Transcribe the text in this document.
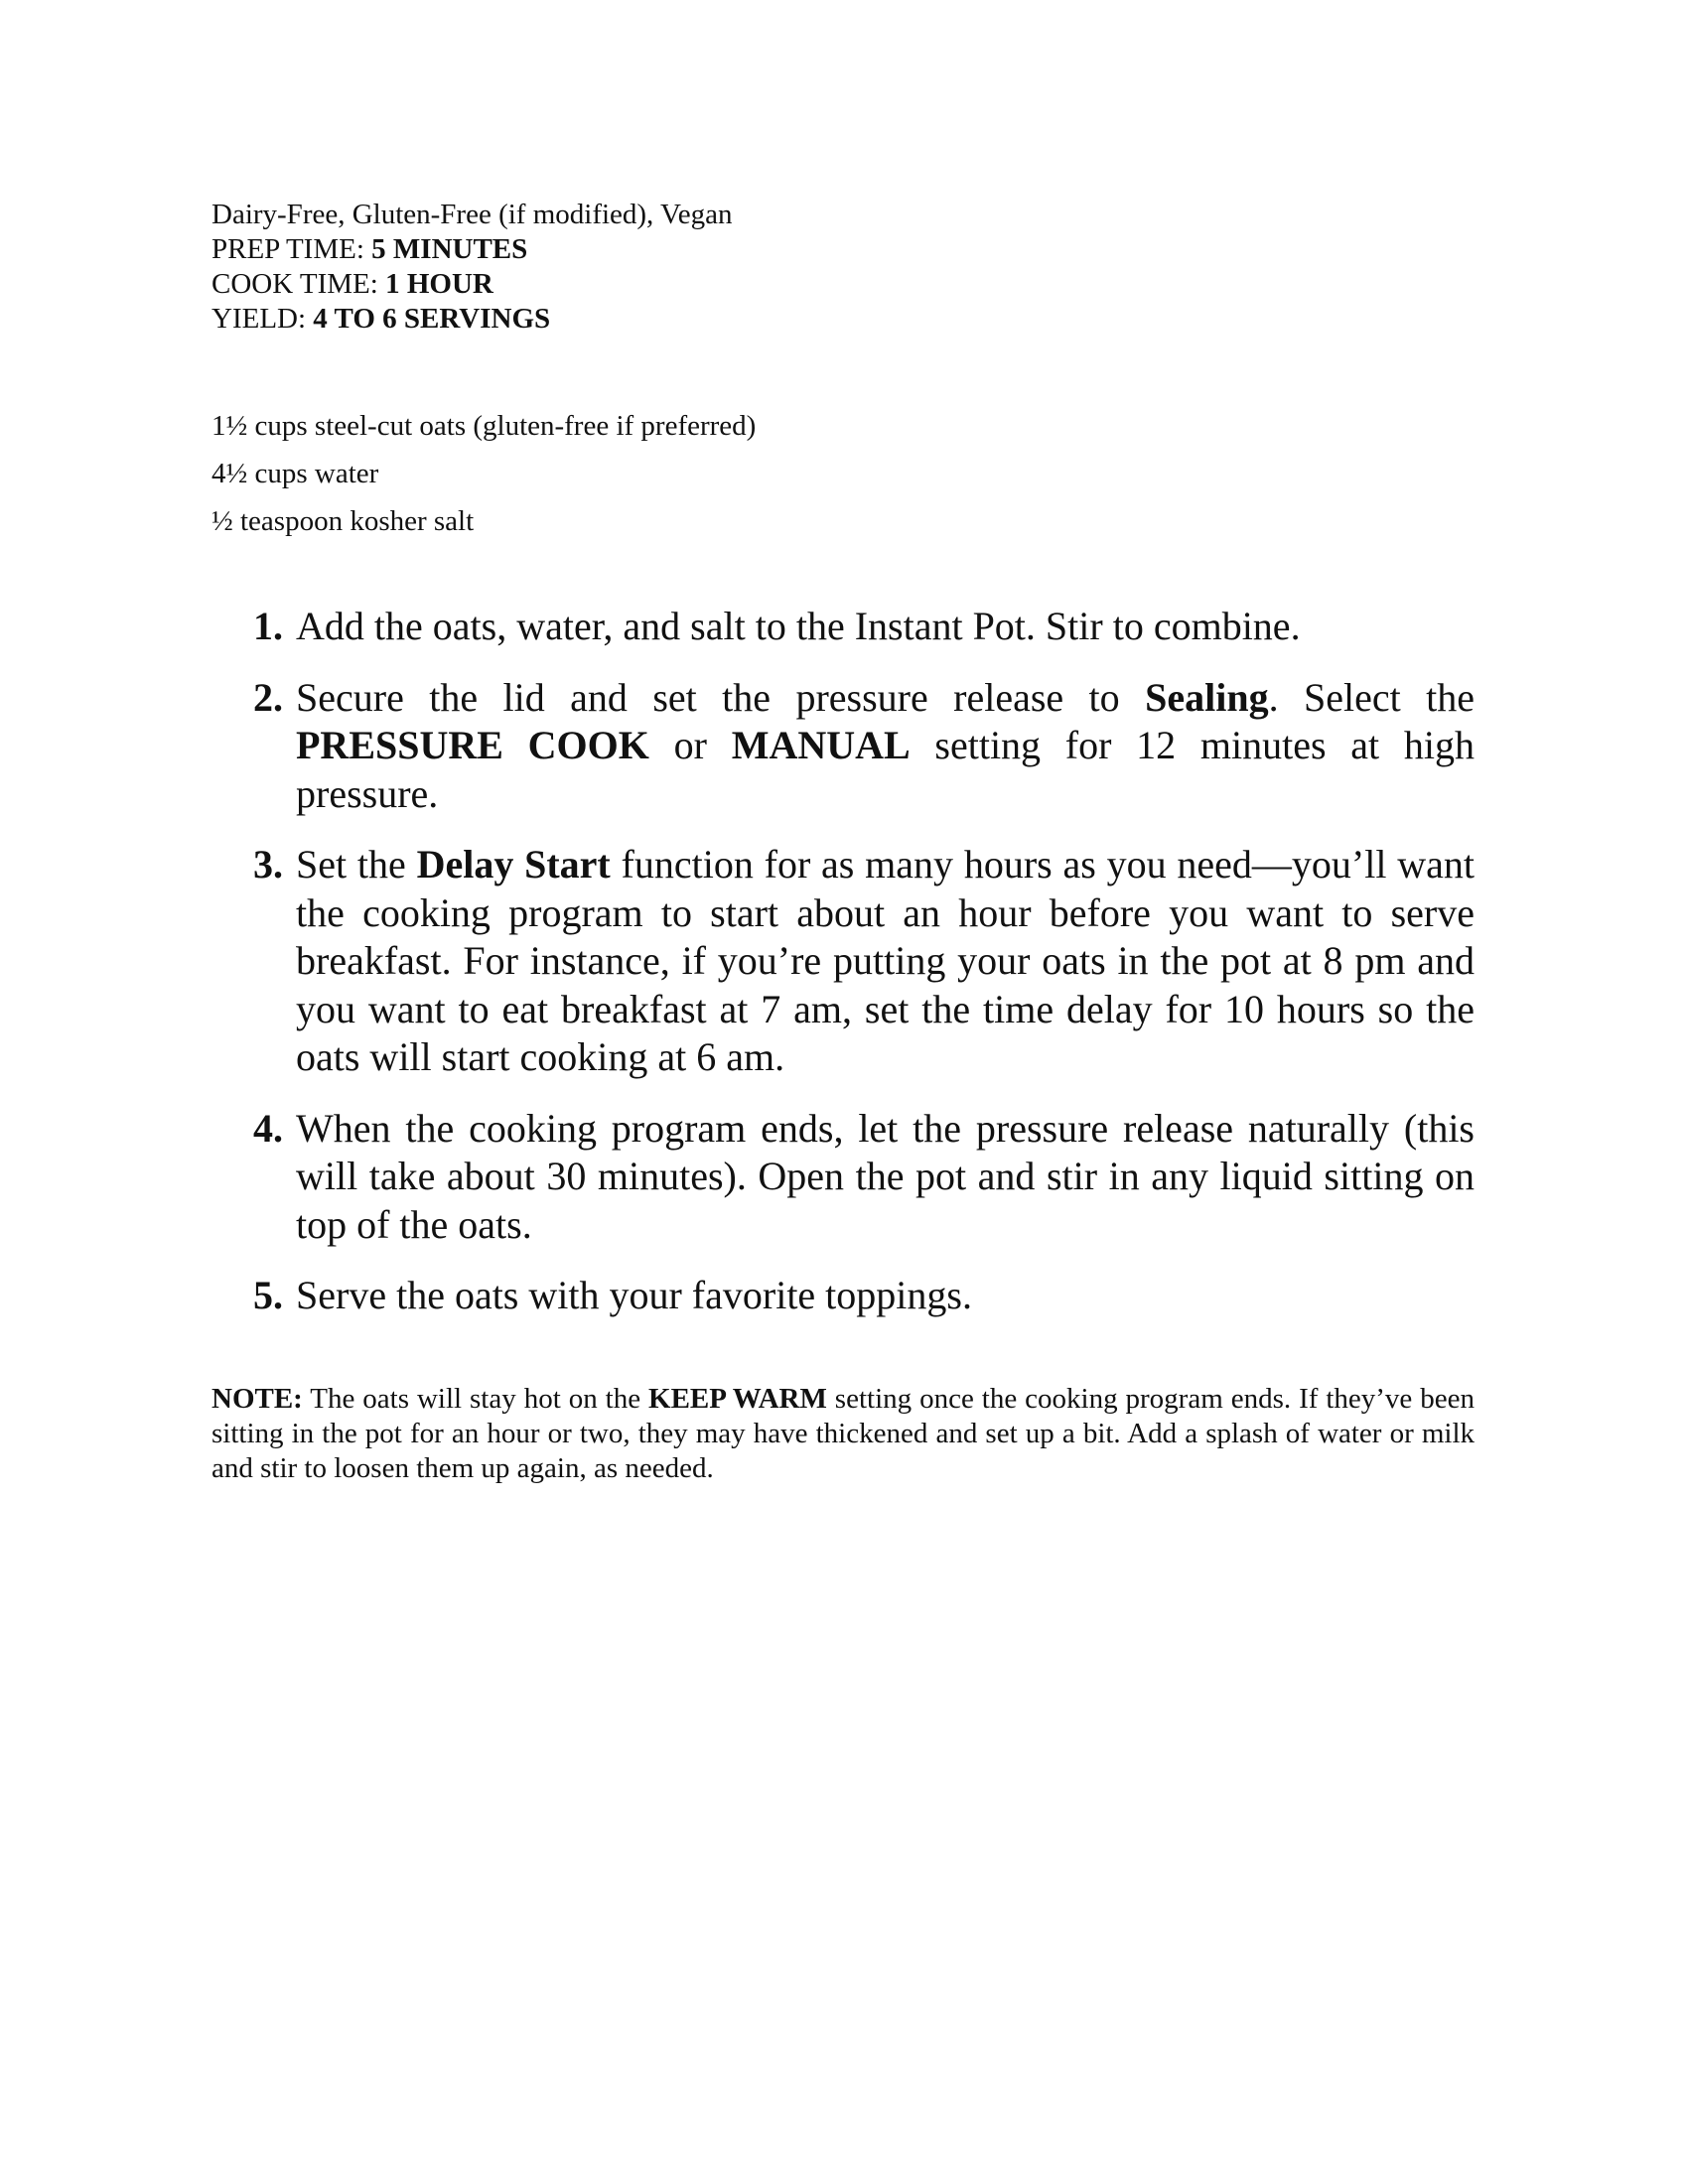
Dairy-Free, Gluten-Free (if modified), Vegan
PREP TIME: 5 MINUTES
COOK TIME: 1 HOUR
YIELD: 4 TO 6 SERVINGS
1½ cups steel-cut oats (gluten-free if preferred)
4½ cups water
½ teaspoon kosher salt
1. Add the oats, water, and salt to the Instant Pot. Stir to combine.
2. Secure the lid and set the pressure release to Sealing. Select the PRESSURE COOK or MANUAL setting for 12 minutes at high pressure.
3. Set the Delay Start function for as many hours as you need—you’ll want the cooking program to start about an hour before you want to serve breakfast. For instance, if you’re putting your oats in the pot at 8 pm and you want to eat breakfast at 7 am, set the time delay for 10 hours so the oats will start cooking at 6 am.
4. When the cooking program ends, let the pressure release naturally (this will take about 30 minutes). Open the pot and stir in any liquid sitting on top of the oats.
5. Serve the oats with your favorite toppings.
NOTE: The oats will stay hot on the KEEP WARM setting once the cooking program ends. If they’ve been sitting in the pot for an hour or two, they may have thickened and set up a bit. Add a splash of water or milk and stir to loosen them up again, as needed.
